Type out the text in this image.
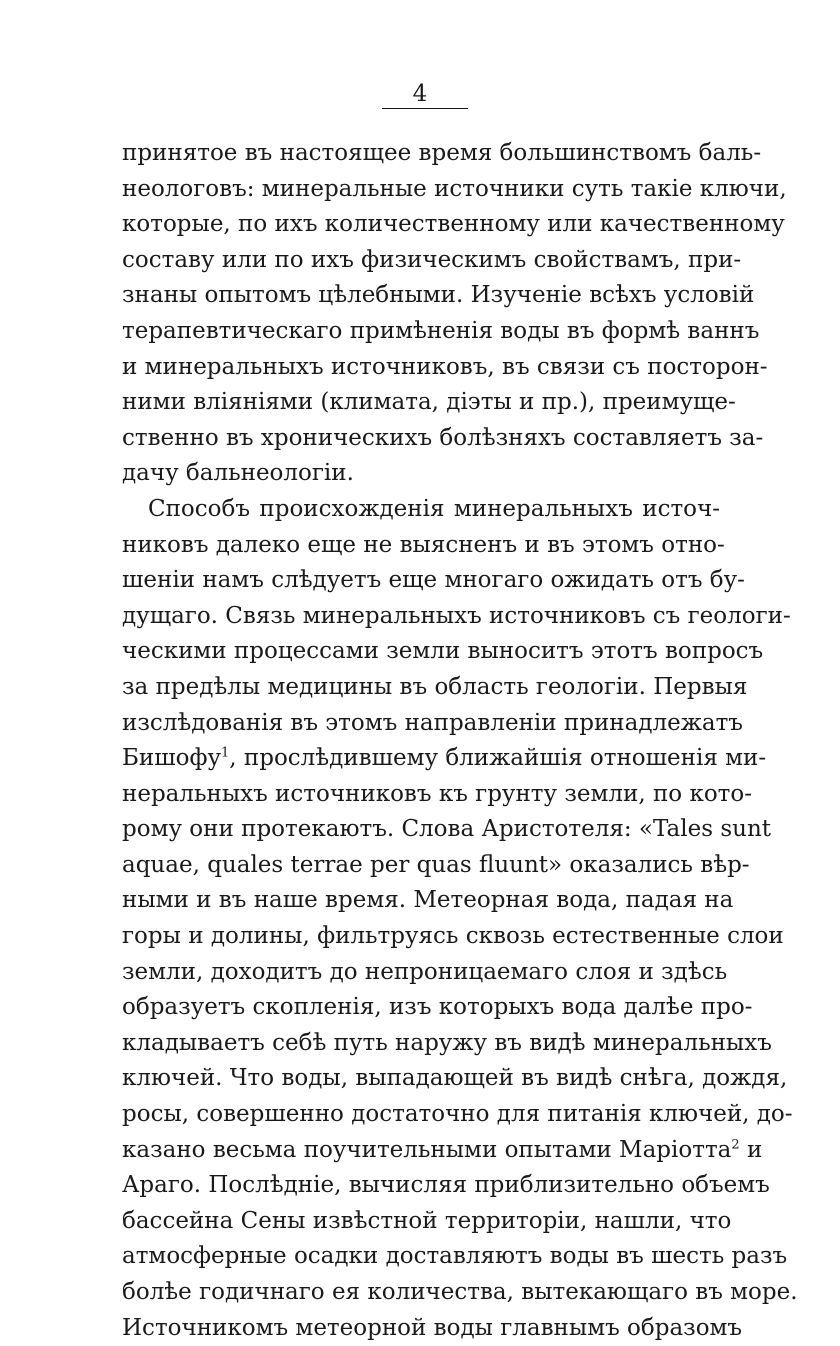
4
принятое въ настоящее время большинствомъ баль-
неологовъ: минеральные источники суть такіе ключи,
которые, по ихъ количественному или качественному
составу или по ихъ физическимъ свойствамъ, при-
знаны опытомъ цѣлебными. Изученіе всѣхъ условій
терапевтическаго примѣненія воды въ формѣ ваннъ
и минеральныхъ источниковъ, въ связи съ посторон-
ними вліяніями (климата, діэты и пр.), преимуще-
ственно въ хроническихъ болѣзняхъ составляетъ за-
дачу бальнеологіи.
Способъ происхожденія минеральныхъ источ-
никовъ далеко еще не выясненъ и въ этомъ отно-
шеніи намъ слѣдуетъ еще многаго ожидать отъ бу-
дущаго. Связь минеральныхъ источниковъ съ геологи-
ческими процессами земли выноситъ этотъ вопросъ
за предѣлы медицины въ область геологіи. Первыя
изслѣдованія въ этомъ направленіи принадлежатъ
Бишофу$^1$, прослѣдившему ближайшія отношенія ми-
неральныхъ источниковъ къ грунту земли, по кото-
рому они протекаютъ. Слова Аристотеля: «Tales sunt
aquae, quales terrae per quas fluunt» оказались вѣр-
ными и въ наше время. Метеорная вода, падая на
горы и долины, фильтруясь сквозь естественные слои
земли, доходитъ до непроницаемаго слоя и здѣсь
образуетъ скопленія, изъ которыхъ вода далѣе про-
кладываетъ себѣ путь наружу въ видѣ минеральныхъ
ключей. Что воды, выпадающей въ видѣ снѣга, дождя,
росы, совершенно достаточно для питанія ключей, до-
казано весьма поучительными опытами Маріотта$^2$ и
Араго. Послѣдніе, вычисляя приблизительно объемъ
бассейна Сены извѣстной территоріи, нашли, что
атмосферные осадки доставляютъ воды въ шесть разъ
болѣе годичнаго ея количества, вытекающаго въ море.
Источникомъ метеорной воды главнымъ образомъ
